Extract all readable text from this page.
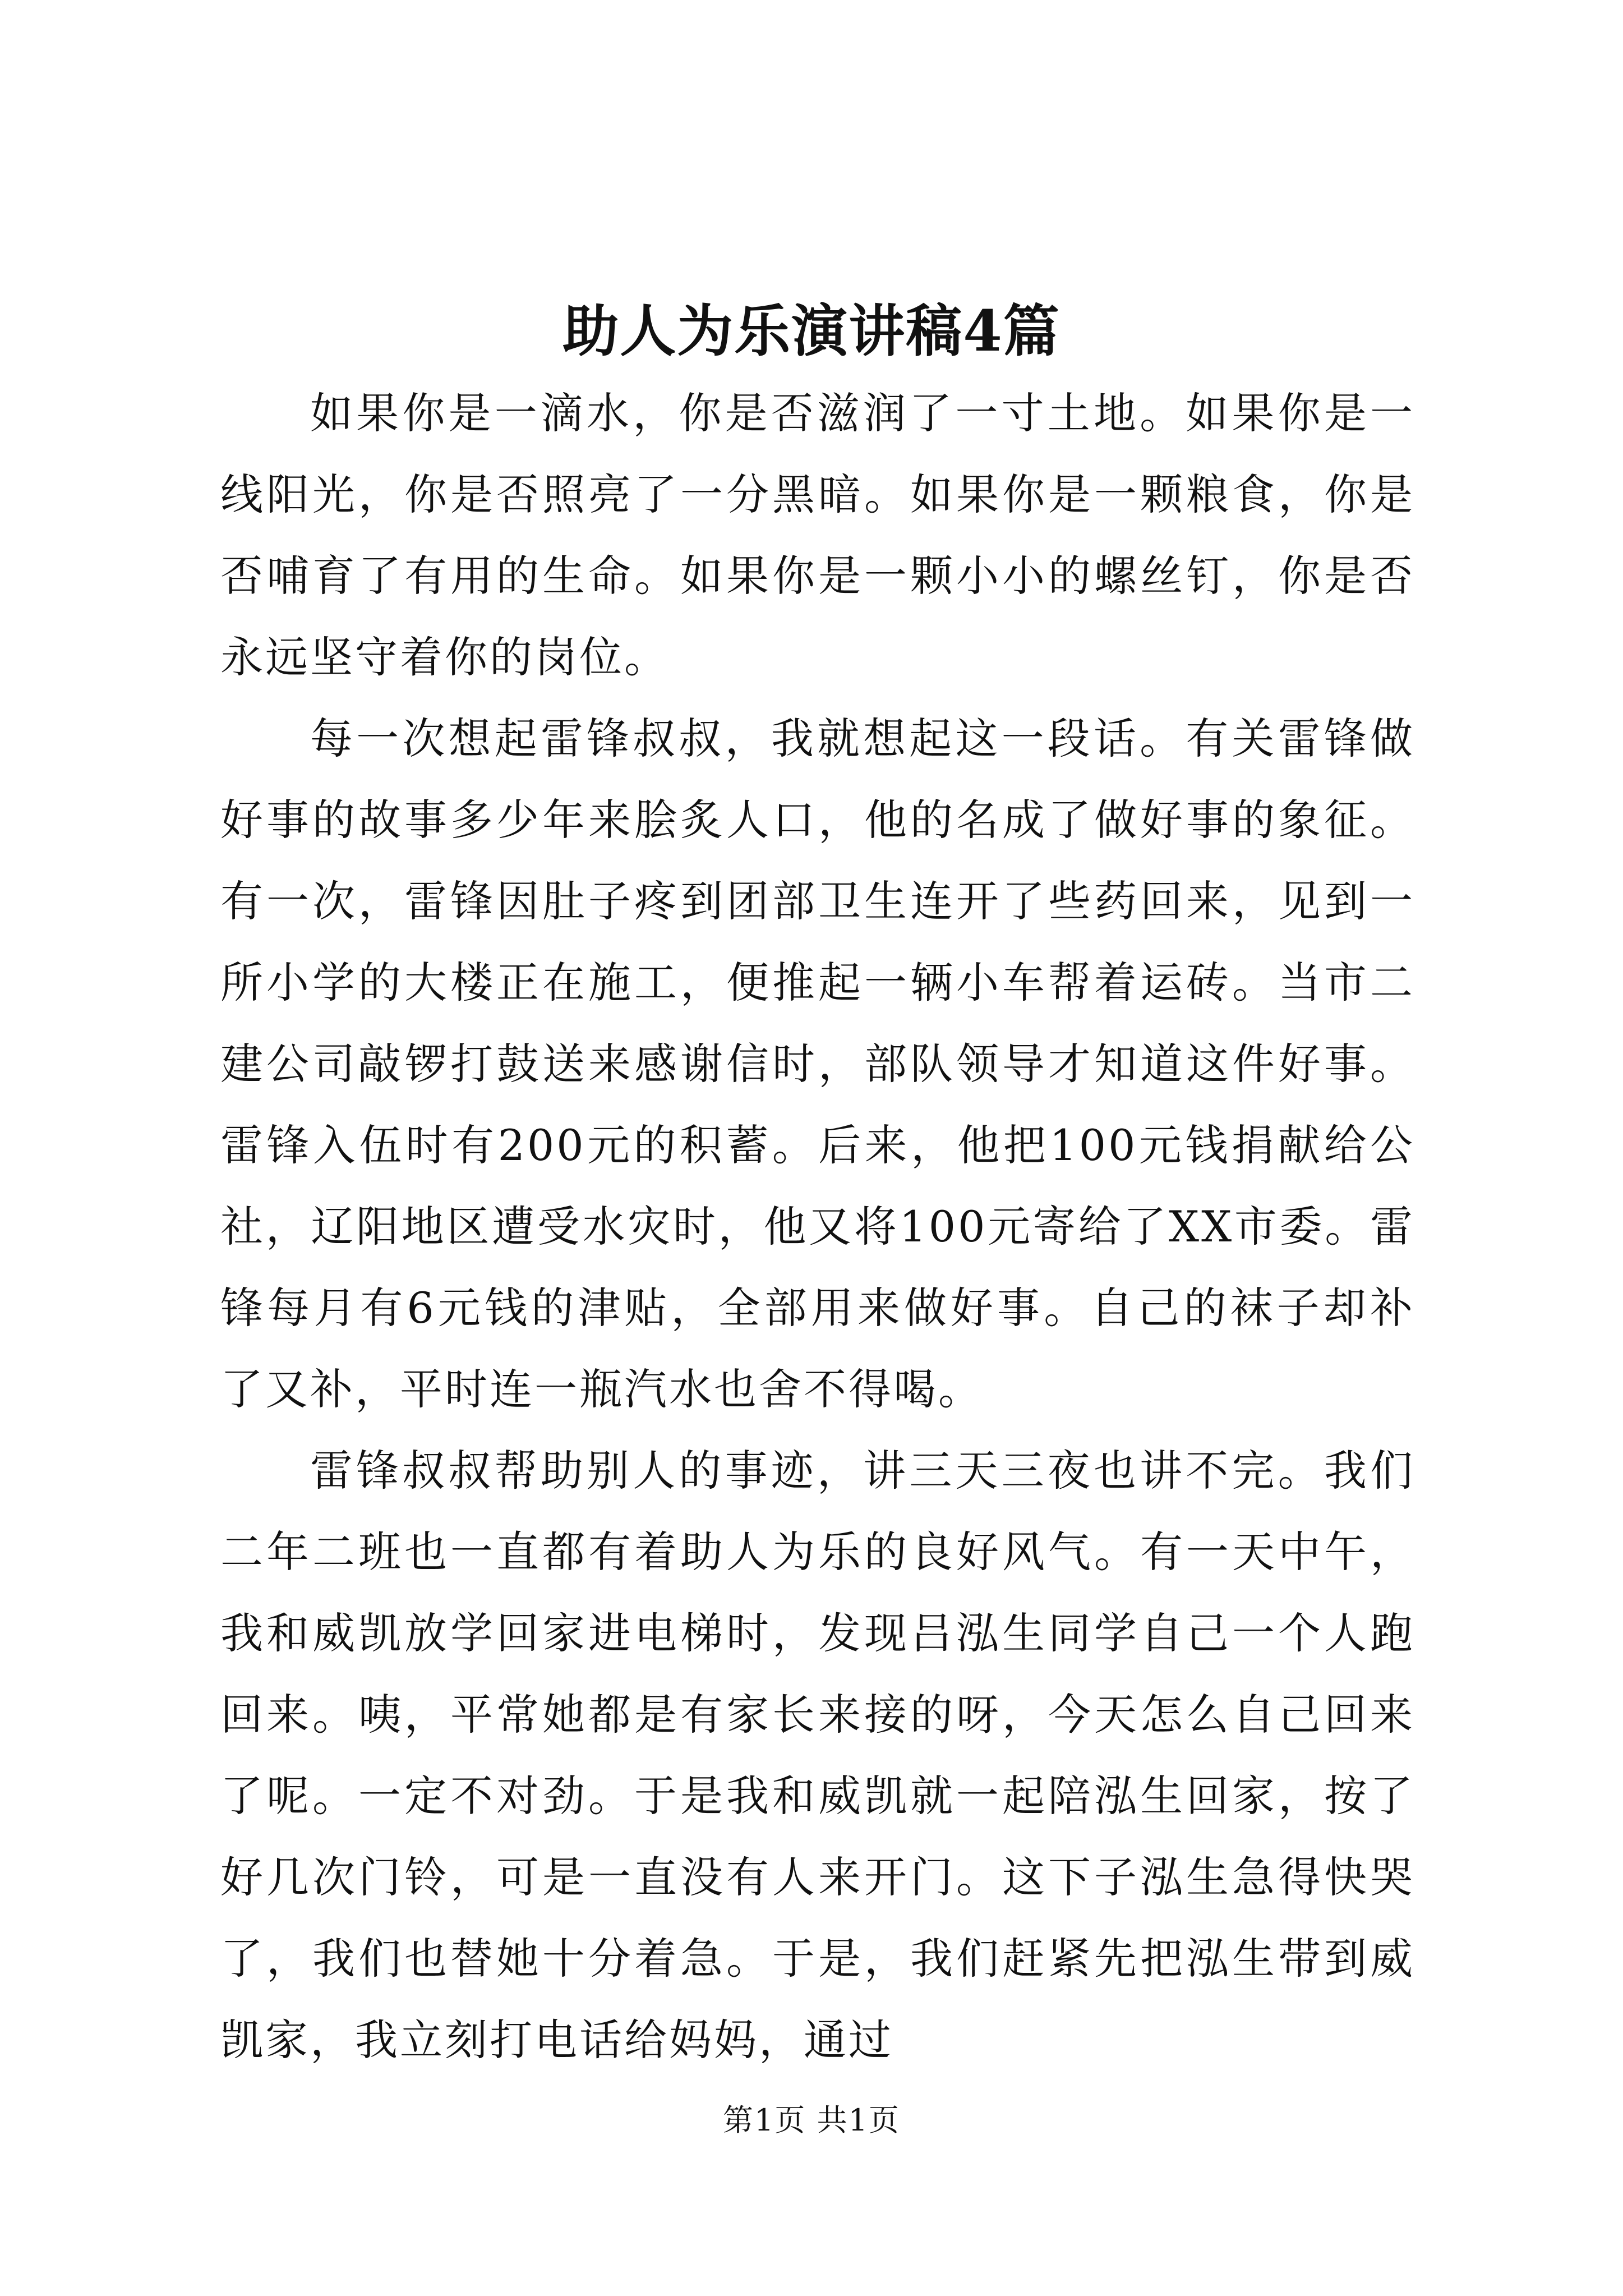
助人为乐演讲稿4篇

如果你是一滴水，你是否滋润了一寸土地。如果你是一线阳光，你是否照亮了一分黑暗。如果你是一颗粮食，你是否哺育了有用的生命。如果你是一颗小小的螺丝钉，你是否永远坚守着你的岗位。

每一次想起雷锋叔叔，我就想起这一段话。有关雷锋做好事的故事多少年来脍炙人口，他的名成了做好事的象征。有一次，雷锋因肚子疼到团部卫生连开了些药回来，见到一所小学的大楼正在施工，便推起一辆小车帮着运砖。当市二建公司敲锣打鼓送来感谢信时，部队领导才知道这件好事。雷锋入伍时有200元的积蓄。后来，他把100元钱捐献给公社，辽阳地区遭受水灾时，他又将100元寄给了XX市委。雷锋每月有6元钱的津贴，全部用来做好事。自己的袜子却补了又补，平时连一瓶汽水也舍不得喝。

雷锋叔叔帮助别人的事迹，讲三天三夜也讲不完。我们二年二班也一直都有着助人为乐的良好风气。有一天中午，我和威凯放学回家进电梯时，发现吕泓生同学自己一个人跑回来。咦，平常她都是有家长来接的呀，今天怎么自己回来了呢。一定不对劲。于是我和威凯就一起陪泓生回家，按了好几次门铃，可是一直没有人来开门。这下子泓生急得快哭了，我们也替她十分着急。于是，我们赶紧先把泓生带到威凯家，我立刻打电话给妈妈，通过

第1页 共1页
